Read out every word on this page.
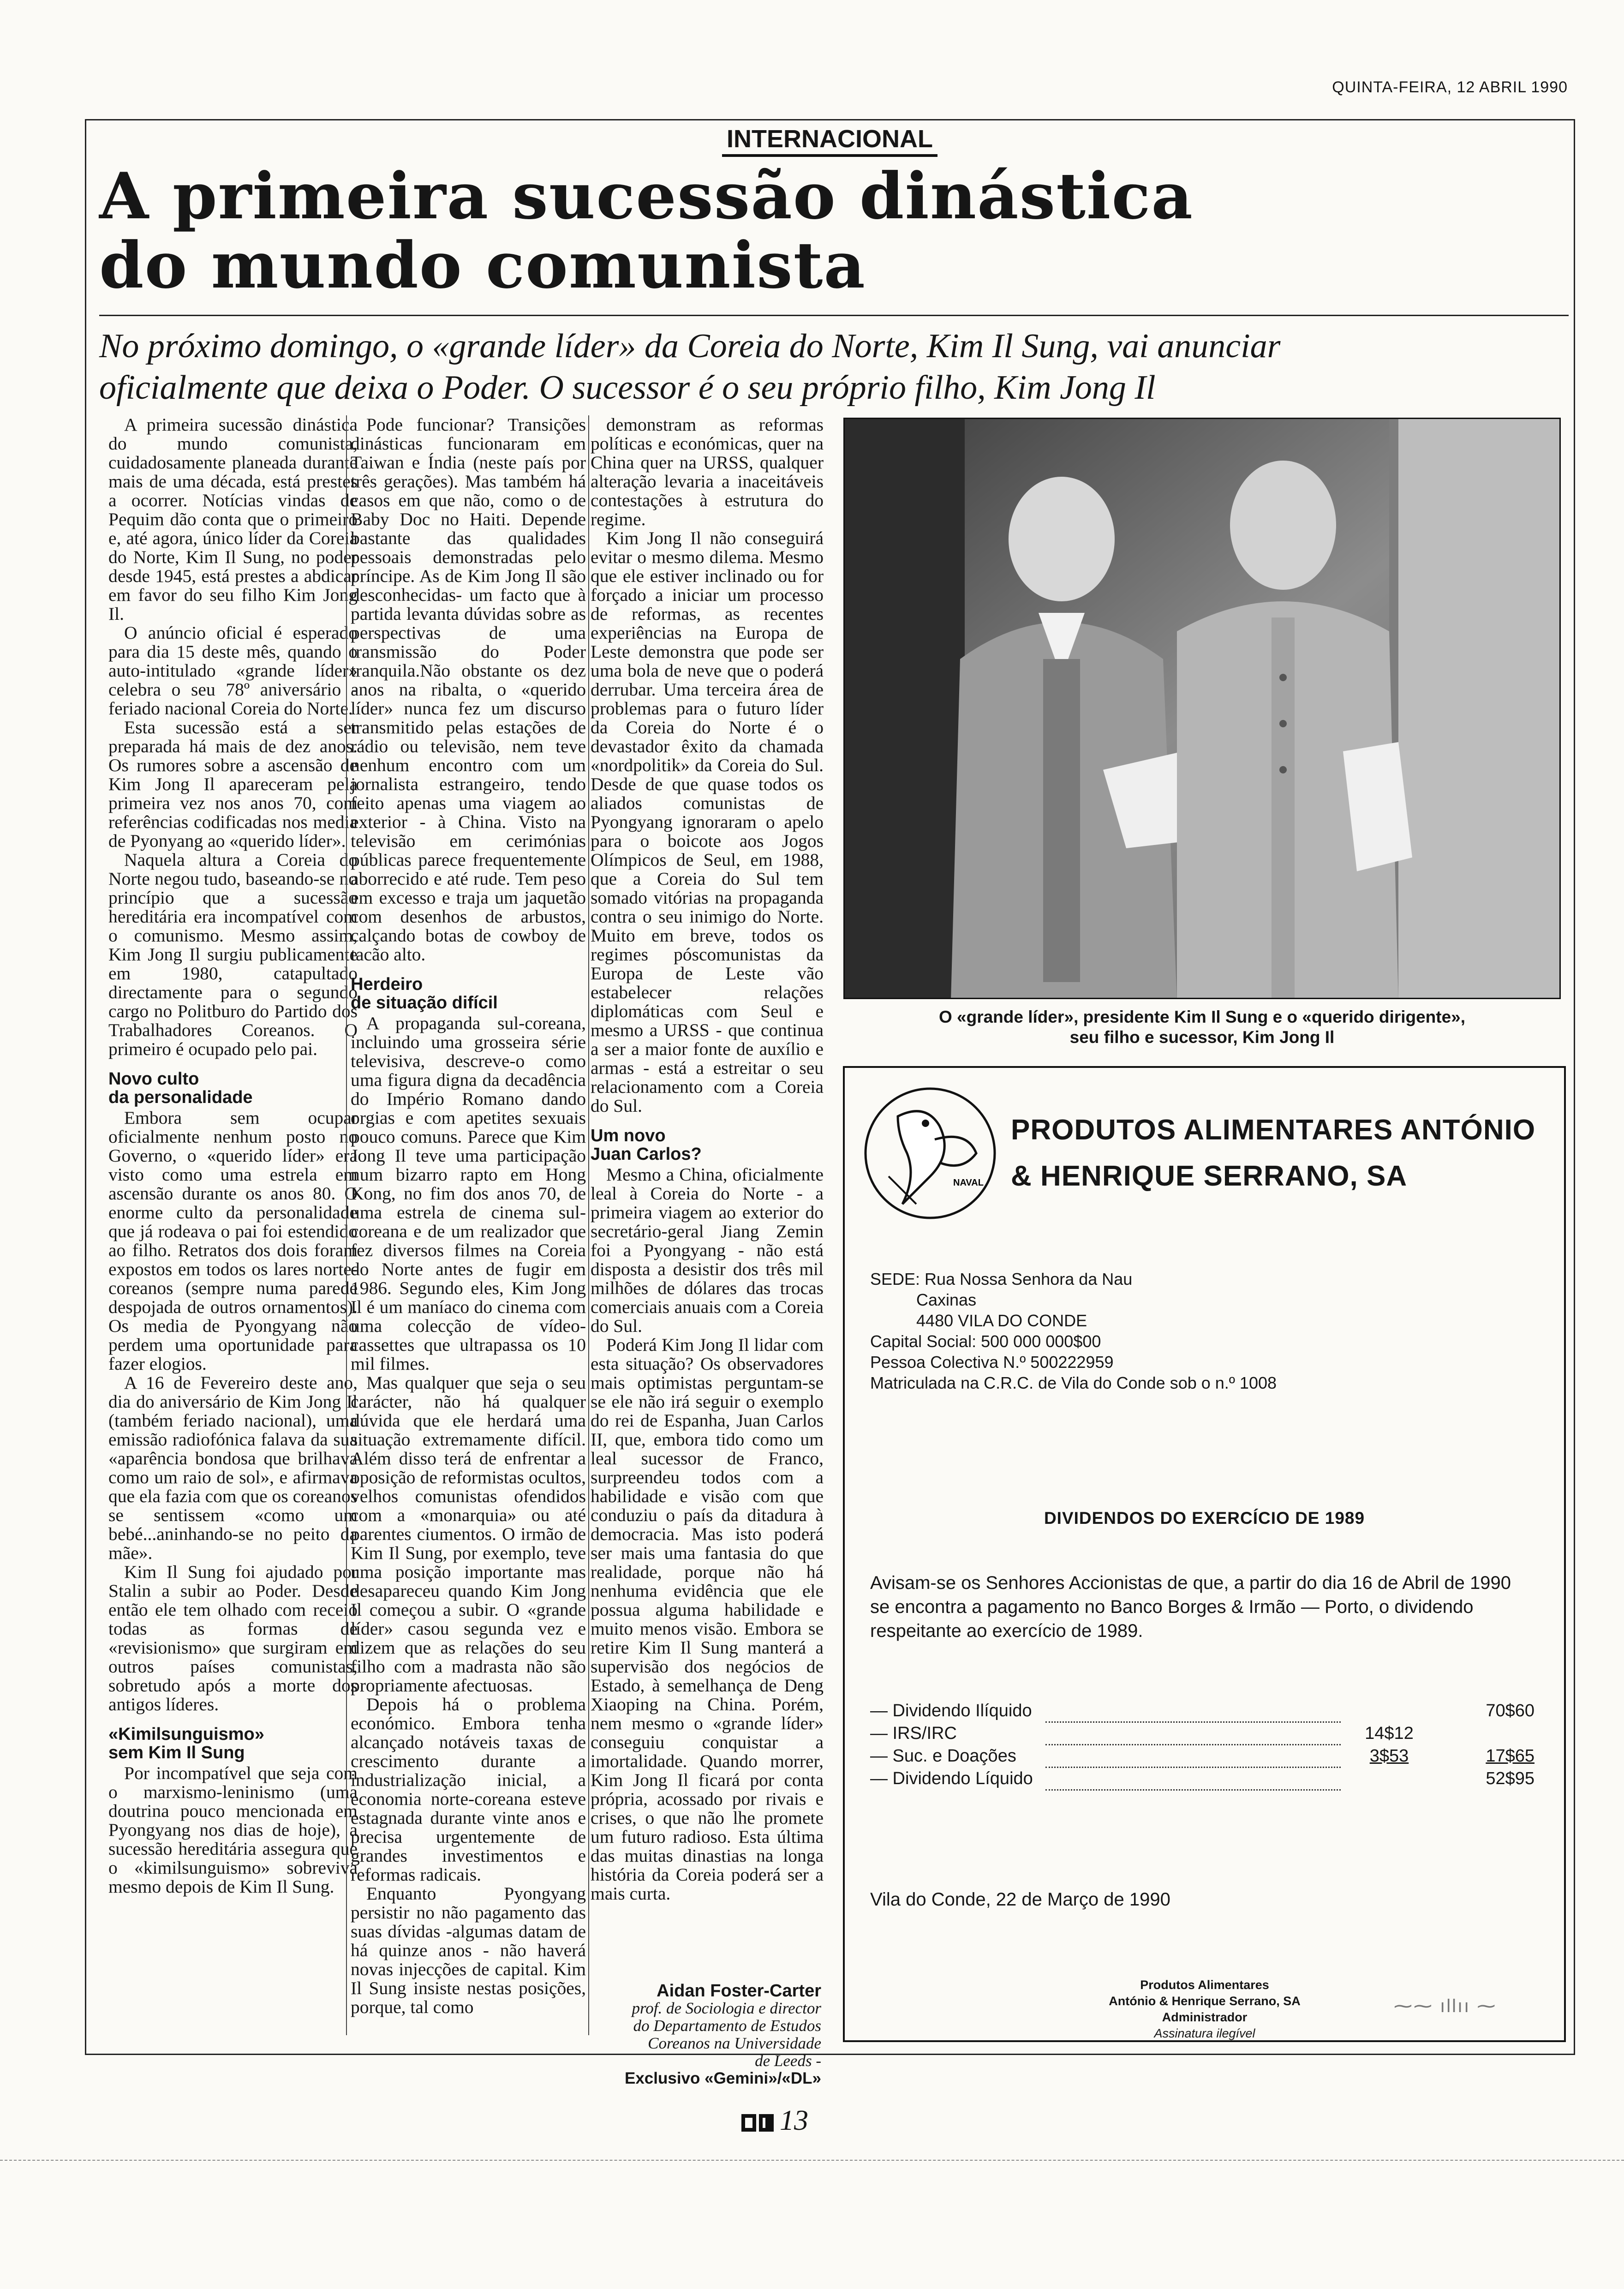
QUINTA-FEIRA, 12 ABRIL 1990
INTERNACIONAL
A primeira sucessão dinástica
do mundo comunista
No próximo domingo, o «grande líder» da Coreia do Norte, Kim Il Sung, vai anunciar
oficialmente que deixa o Poder. O sucessor é o seu próprio filho, Kim Jong Il

A primeira sucessão dinástica do mundo comunista, cuidadosamente planeada durante mais de uma década, está prestes a ocorrer. Notícias vindas de Pequim dão conta que o primeiro e, até agora, único líder da Coreia do Norte, Kim Il Sung, no poder desde 1945, está prestes a abdicar em favor do seu filho Kim Jong Il.

O anúncio oficial é esperado para dia 15 deste mês, quando o auto-intitulado «grande líder» celebra o seu 78º aniversário - feriado nacional Coreia do Norte.

Esta sucessão está a ser preparada há mais de dez anos. Os rumores sobre a ascensão de Kim Jong Il apareceram pela primeira vez nos anos 70, com referências codificadas nos media de Pyonyang ao «querido líder».

Naquela altura a Coreia do Norte negou tudo, baseando-se no princípio que a sucessão hereditária era incompatível com o comunismo. Mesmo assim, Kim Jong Il surgiu publicamente em 1980, catapultado directamente para o segundo cargo no Politburo do Partido dos Trabalhadores Coreanos. O primeiro é ocupado pelo pai.

Novo culto
da personalidade

Embora sem ocupar oficialmente nenhum posto no Governo, o «querido líder» era visto como uma estrela em ascensão durante os anos 80. O enorme culto da personalidade que já rodeava o pai foi estendido ao filho. Retratos dos dois foram expostos em todos os lares norte-coreanos (sempre numa parede despojada de outros ornamentos). Os media de Pyongyang não perdem uma oportunidade para fazer elogios.

A 16 de Fevereiro deste ano, dia do aniversário de Kim Jong Il (também feriado nacional), uma emissão radiofónica falava da sua «aparência bondosa que brilhava como um raio de sol», e afirmava que ela fazia com que os coreanos se sentissem «como um bebé...aninhando-se no peito da mãe».

Kim Il Sung foi ajudado por Stalin a subir ao Poder. Desde então ele tem olhado com receio todas as formas de «revisionismo» que surgiram em outros países comunistas, sobretudo após a morte dos antigos líderes.

«Kimilsunguismo»
sem Kim Il Sung

Por incompatível que seja com o marxismo-leninismo (uma doutrina pouco mencionada em Pyongyang nos dias de hoje), a sucessão hereditária assegura que o «kimilsunguismo» sobreviva mesmo depois de Kim Il Sung.

Pode funcionar? Transições dinásticas funcionaram em Taiwan e Índia (neste país por três gerações). Mas também há casos em que não, como o de Baby Doc no Haiti. Depende bastante das qualidades pessoais demonstradas pelo príncipe. As de Kim Jong Il são desconhecidas- um facto que à partida levanta dúvidas sobre as perspectivas de uma transmissão do Poder tranquila.Não obstante os dez anos na ribalta, o «querido líder» nunca fez um discurso transmitido pelas estações de rádio ou televisão, nem teve nenhum encontro com um jornalista estrangeiro, tendo feito apenas uma viagem ao exterior - à China. Visto na televisão em cerimónias públicas parece frequentemente aborrecido e até rude. Tem peso em excesso e traja um jaquetão com desenhos de arbustos, calçando botas de cowboy de tacão alto.

Herdeiro
de situação difícil

A propaganda sul-coreana, incluindo uma grosseira série televisiva, descreve-o como uma figura digna da decadência do Império Romano dando orgias e com apetites sexuais pouco comuns. Parece que Kim Jong Il teve uma participação num bizarro rapto em Hong Kong, no fim dos anos 70, de uma estrela de cinema sul-coreana e de um realizador que fez diversos filmes na Coreia do Norte antes de fugir em 1986. Segundo eles, Kim Jong Il é um maníaco do cinema com uma colecção de vídeo-cassettes que ultrapassa os 10 mil filmes.

Mas qualquer que seja o seu carácter, não há qualquer dúvida que ele herdará uma situação extremamente difícil. Além disso terá de enfrentar a oposição de reformistas ocultos, velhos comunistas ofendidos com a «monarquia» ou até parentes ciumentos. O irmão de Kim Il Sung, por exemplo, teve uma posição importante mas desapareceu quando Kim Jong Il começou a subir. O «grande líder» casou segunda vez e dizem que as relações do seu filho com a madrasta não são propriamente afectuosas.

Depois há o problema económico. Embora tenha alcançado notáveis taxas de crescimento durante a industrialização inicial, a economia norte-coreana esteve estagnada durante vinte anos e precisa urgentemente de grandes investimentos e reformas radicais.

Enquanto Pyongyang persistir no não pagamento das suas dívidas -algumas datam de há quinze anos - não haverá novas injecções de capital. Kim Il Sung insiste nestas posições, porque, tal como

demonstram as reformas políticas e económicas, quer na China quer na URSS, qualquer alteração levaria a inaceitáveis contestações à estrutura do regime.

Kim Jong Il não conseguirá evitar o mesmo dilema. Mesmo que ele estiver inclinado ou for forçado a iniciar um processo de reformas, as recentes experiências na Europa de Leste demonstra que pode ser uma bola de neve que o poderá derrubar. Uma terceira área de problemas para o futuro líder da Coreia do Norte é o devastador êxito da chamada «nordpolitik» da Coreia do Sul. Desde de que quase todos os aliados comunistas de Pyongyang ignoraram o apelo para o boicote aos Jogos Olímpicos de Seul, em 1988, que a Coreia do Sul tem somado vitórias na propaganda contra o seu inimigo do Norte. Muito em breve, todos os regimes póscomunistas da Europa de Leste vão estabelecer relações diplomáticas com Seul e mesmo a URSS - que continua a ser a maior fonte de auxílio e armas - está a estreitar o seu relacionamento com a Coreia do Sul.

Um novo
Juan Carlos?

Mesmo a China, oficialmente leal à Coreia do Norte - a primeira viagem ao exterior do secretário-geral Jiang Zemin foi a Pyongyang - não está disposta a desistir dos três mil milhões de dólares das trocas comerciais anuais com a Coreia do Sul.

Poderá Kim Jong Il lidar com esta situação? Os observadores mais optimistas perguntam-se se ele não irá seguir o exemplo do rei de Espanha, Juan Carlos II, que, embora tido como um leal sucessor de Franco, surpreendeu todos com a habilidade e visão com que conduziu o país da ditadura à democracia. Mas isto poderá ser mais uma fantasia do que realidade, porque não há nenhuma evidência que ele possua alguma habilidade e muito menos visão. Embora se retire Kim Il Sung manterá a supervisão dos negócios de Estado, à semelhança de Deng Xiaoping na China. Porém, nem mesmo o «grande líder» conseguiu conquistar a imortalidade. Quando morrer, Kim Jong Il ficará por conta própria, acossado por rivais e crises, o que não lhe promete um futuro radioso. Esta última das muitas dinastias na longa história da Coreia poderá ser a mais curta.

Aidan Foster-Carter
prof. de Sociologia e director
do Departamento de Estudos
Coreanos na Universidade
de Leeds -
Exclusivo «Gemini»/«DL»
O «grande líder», presidente Kim Il Sung e o «querido dirigente»,
seu filho e sucessor, Kim Jong Il
NAVAL
PRODUTOS ALIMENTARES ANTÓNIO
& HENRIQUE SERRANO, SA
SEDE: Rua Nossa Senhora da Nau
Caxinas
4480 VILA DO CONDE
Capital Social: 500 000 000$00
Pessoa Colectiva N.º 500222959
Matriculada na C.R.C. de Vila do Conde sob o n.º 1008
DIVIDENDOS DO EXERCÍCIO DE 1989
Avisam-se os Senhores Accionistas de que, a partir do dia 16 de Abril de 1990 se encontra a pagamento no Banco Borges & Irmão — Porto, o dividendo respeitante ao exercício de 1989.
— Dividendo Ilíquido			70$60
— IRS/IRC		14$12	
— Suc. e Doações		3$53	17$65
— Dividendo Líquido			52$95
Vila do Conde, 22 de Março de 1990
Produtos Alimentares
António & Henrique Serrano, SA
Administrador
Assinatura ilegível
⁓⁓ ıllıı ⁓
13
